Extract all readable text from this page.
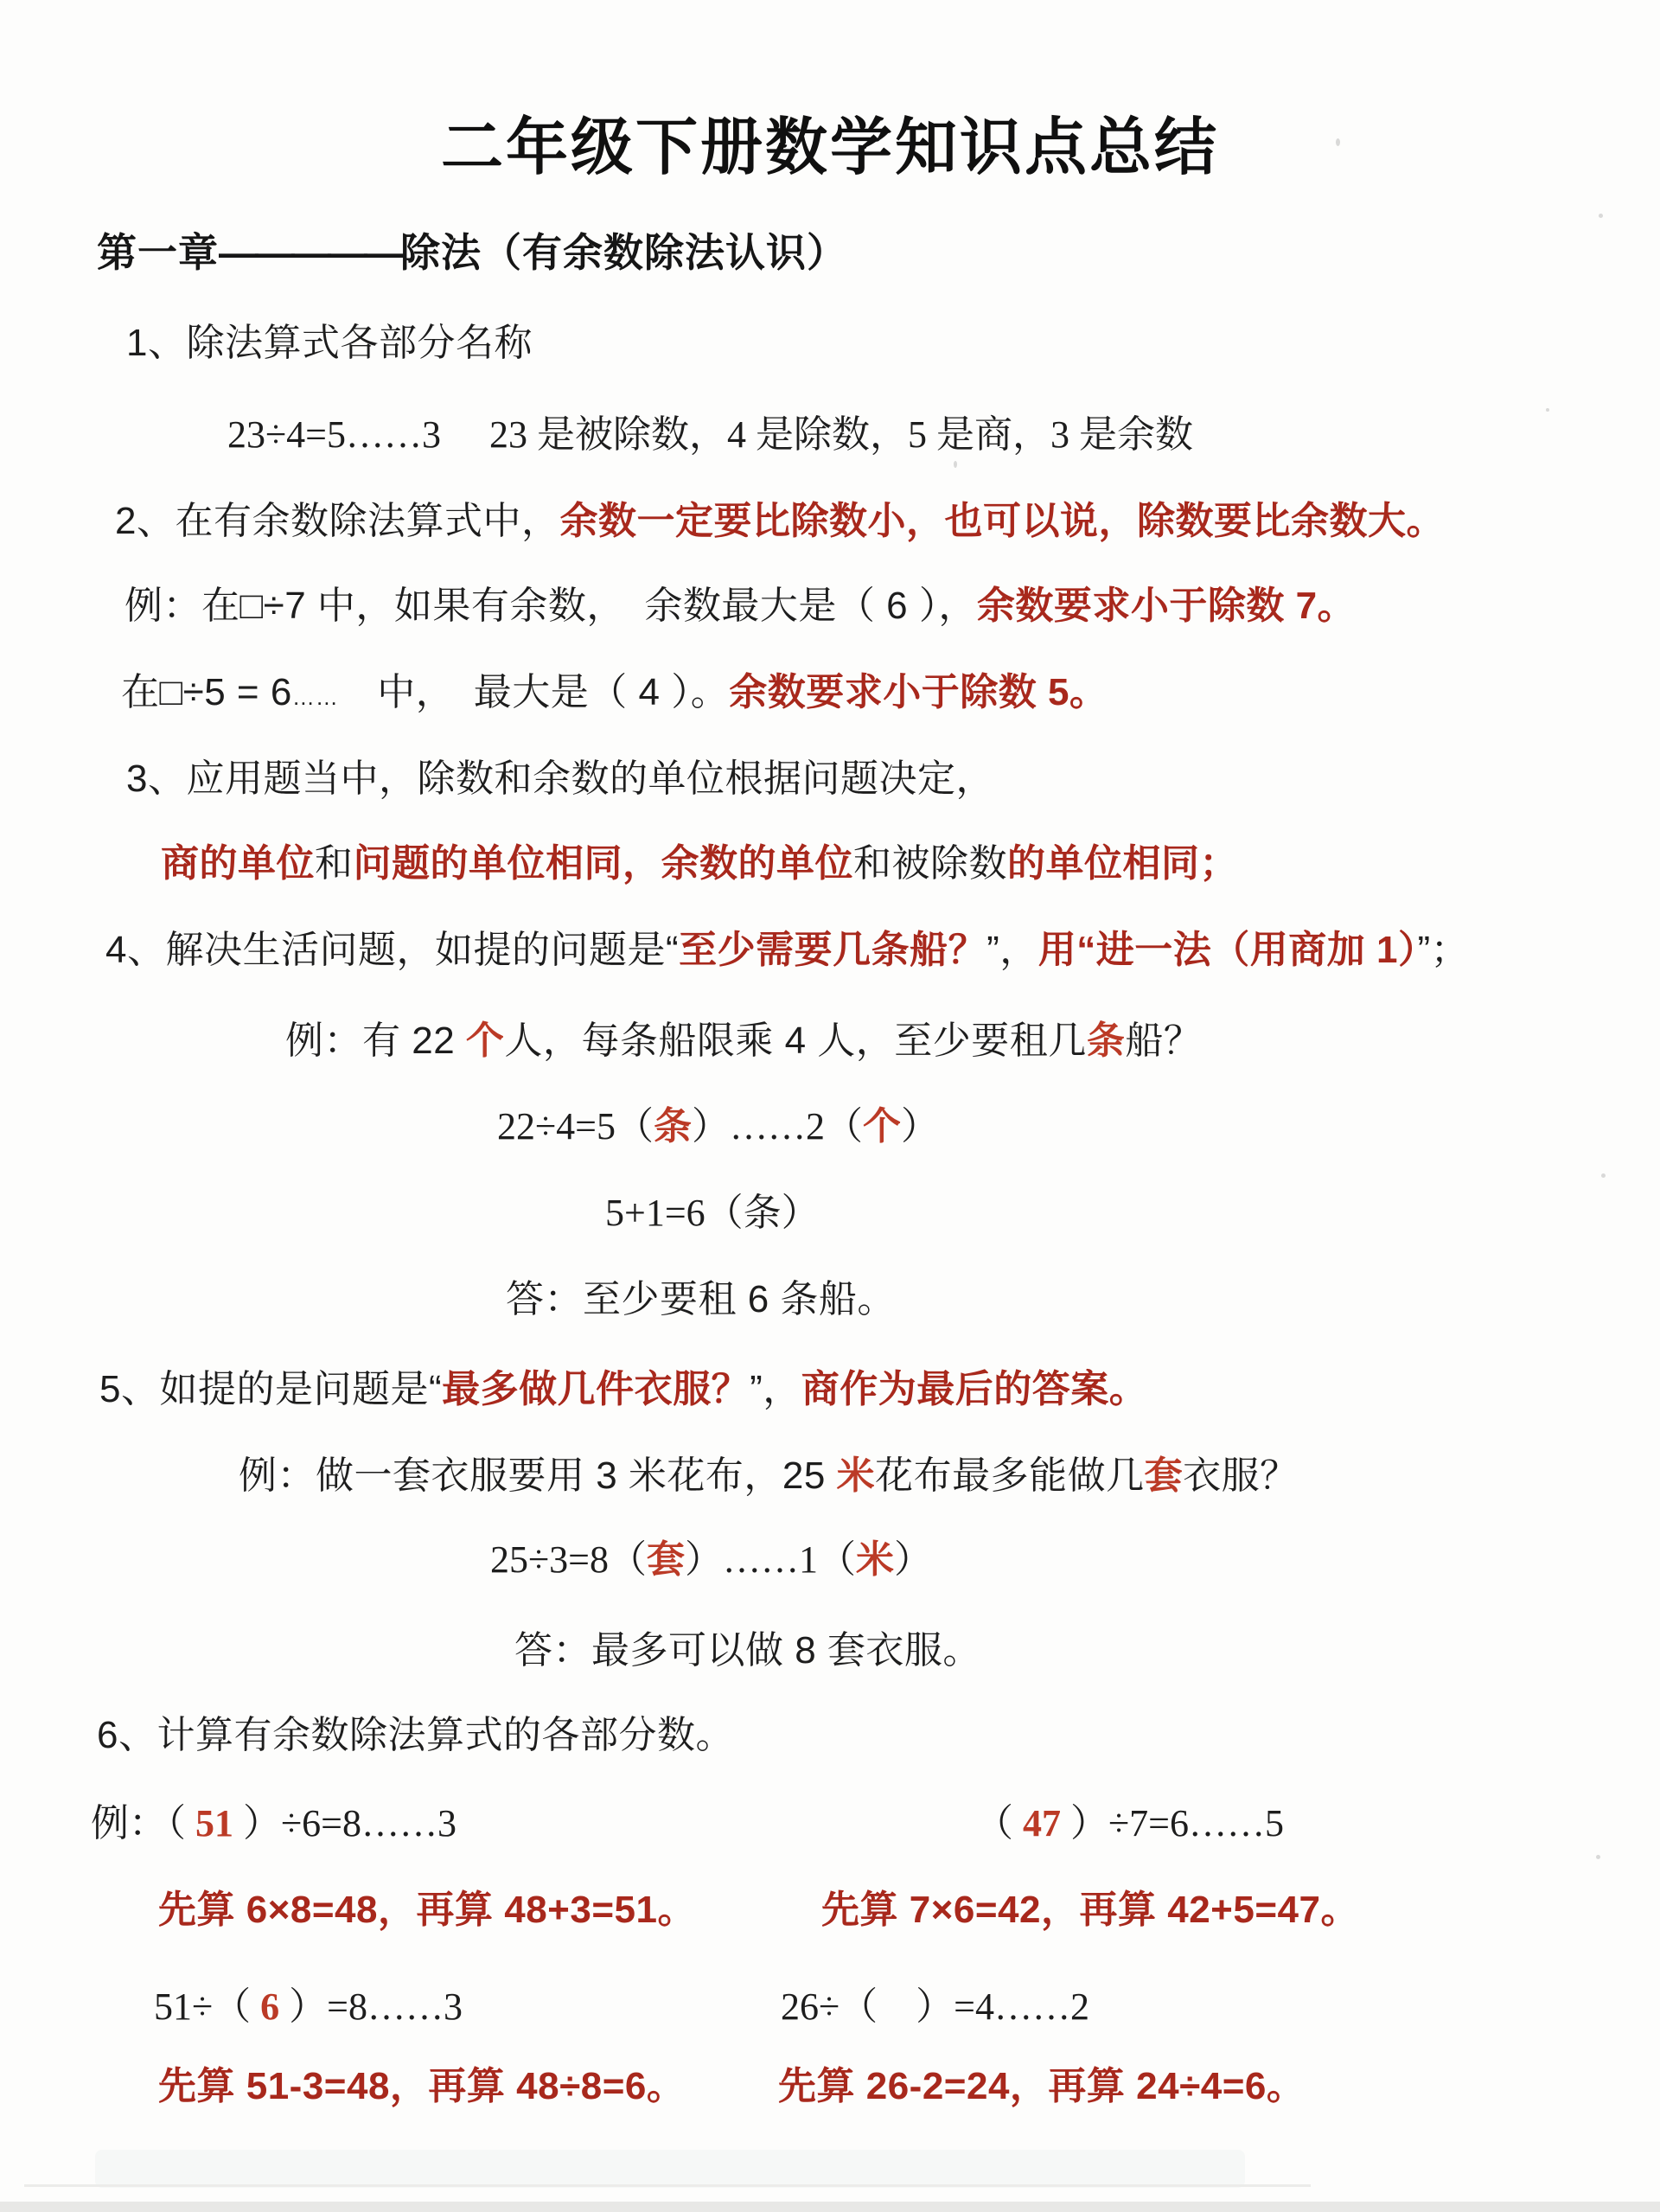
二年级下册数学知识点总结
第一章—————除法（有余数除法认识）
1、除法算式各部分名称
23÷4=5……3 23 是被除数，4 是除数，5 是商，3 是余数
2、在有余数除法算式中，余数一定要比除数小，也可以说，除数要比余数大。
例：在□÷7 中，如果有余数，　余数最大是（ 6 ），余数要求小于除数 7。
在□÷5 = 6……　中，　最大是（ 4 ）。余数要求小于除数 5。
3、应用题当中，除数和余数的单位根据问题决定，
商的单位和问题的单位相同，余数的单位和被除数的单位相同；
4、解决生活问题，如提的问题是“至少需要几条船？”，用“进一法（用商加 1）”；
例：有 22 个人，每条船限乘 4 人，至少要租几条船？
22÷4=5（条）……2（个）
5+1=6（条）
答：至少要租 6 条船。
5、如提的是问题是“最多做几件衣服？”，商作为最后的答案。
例：做一套衣服要用 3 米花布，25 米花布最多能做几套衣服？
25÷3=8（套）……1（米）
答：最多可以做 8 套衣服。
6、计算有余数除法算式的各部分数。
例：（ 51 ）÷6=8……3	（ 47 ）÷7=6……5
先算 6×8=48，再算 48+3=51。	先算 7×6=42，再算 42+5=47。
51÷（ 6 ）=8……3	26÷（　）=4……2
先算 51-3=48，再算 48÷8=6。 先算 26-2=24，再算 24÷4=6。
